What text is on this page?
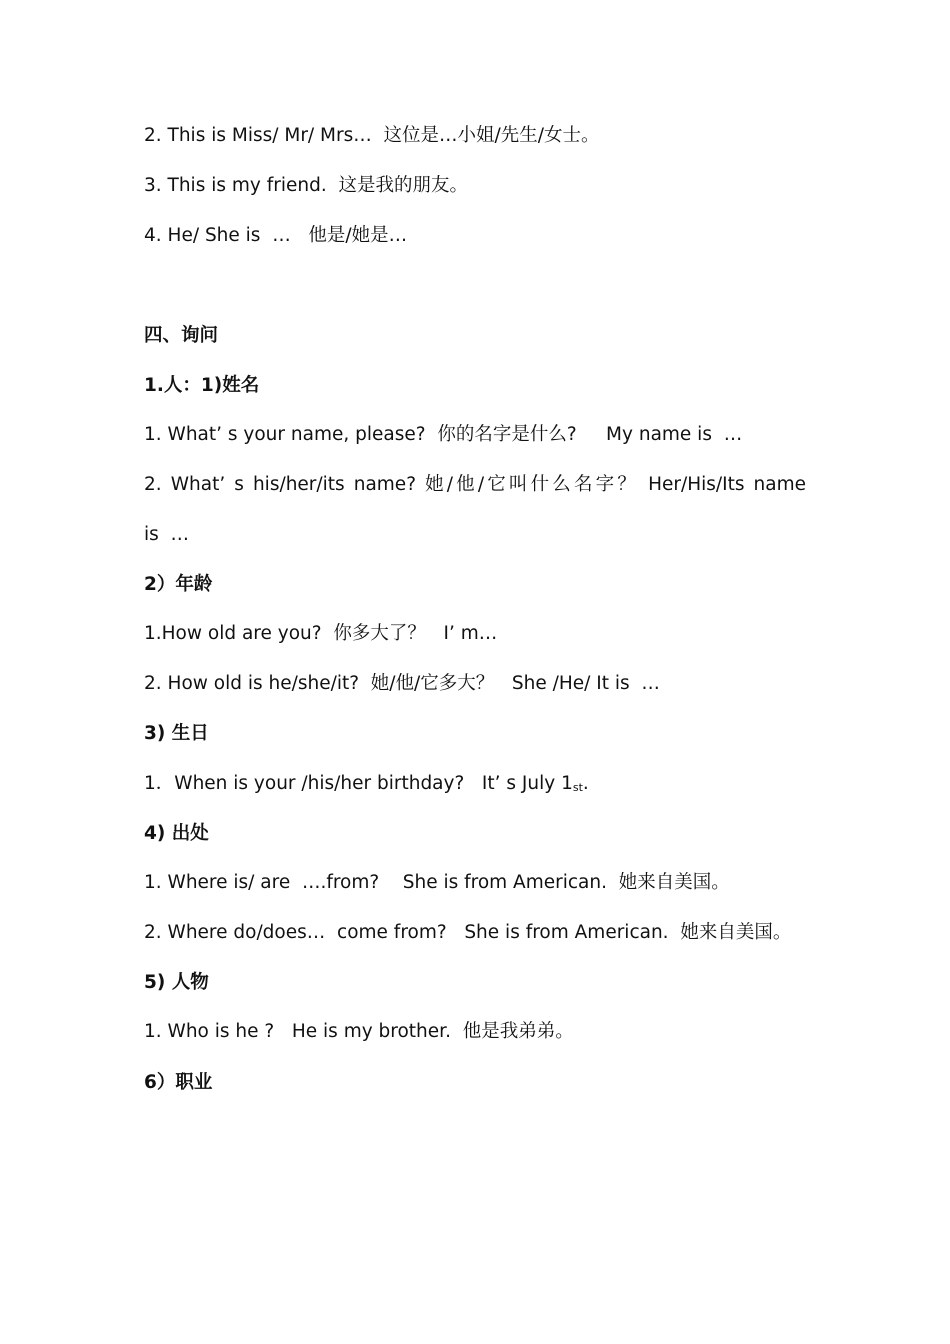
2. This is Miss/ Mr/ Mrs…  这位是…小姐/先生/女士。
3. This is my friend.  这是我的朋友。
4. He/ She is  …   他是/她是…
四、询问
1.人：1)姓名
1. What’ s your name, please?  你的名字是什么?     My name is  …
2. What’ s his/her/its name? 她/他/它叫什么名字？ Her/His/Its name
is  …
2）年龄
1.How old are you?  你多大了？   I’ m…
2. How old is he/she/it?  她/他/它多大？   She /He/ It is  …
3) 生日
1．When is your /his/her birthday?   It’ s July $1_{st}$.
4) 出处
1. Where is/ are  ….from?    She is from American.  她来自美国。
2. Where do/does…  come from?   She is from American.  她来自美国。
5) 人物
1. Who is he ?   He is my brother.  他是我弟弟。
6）职业
